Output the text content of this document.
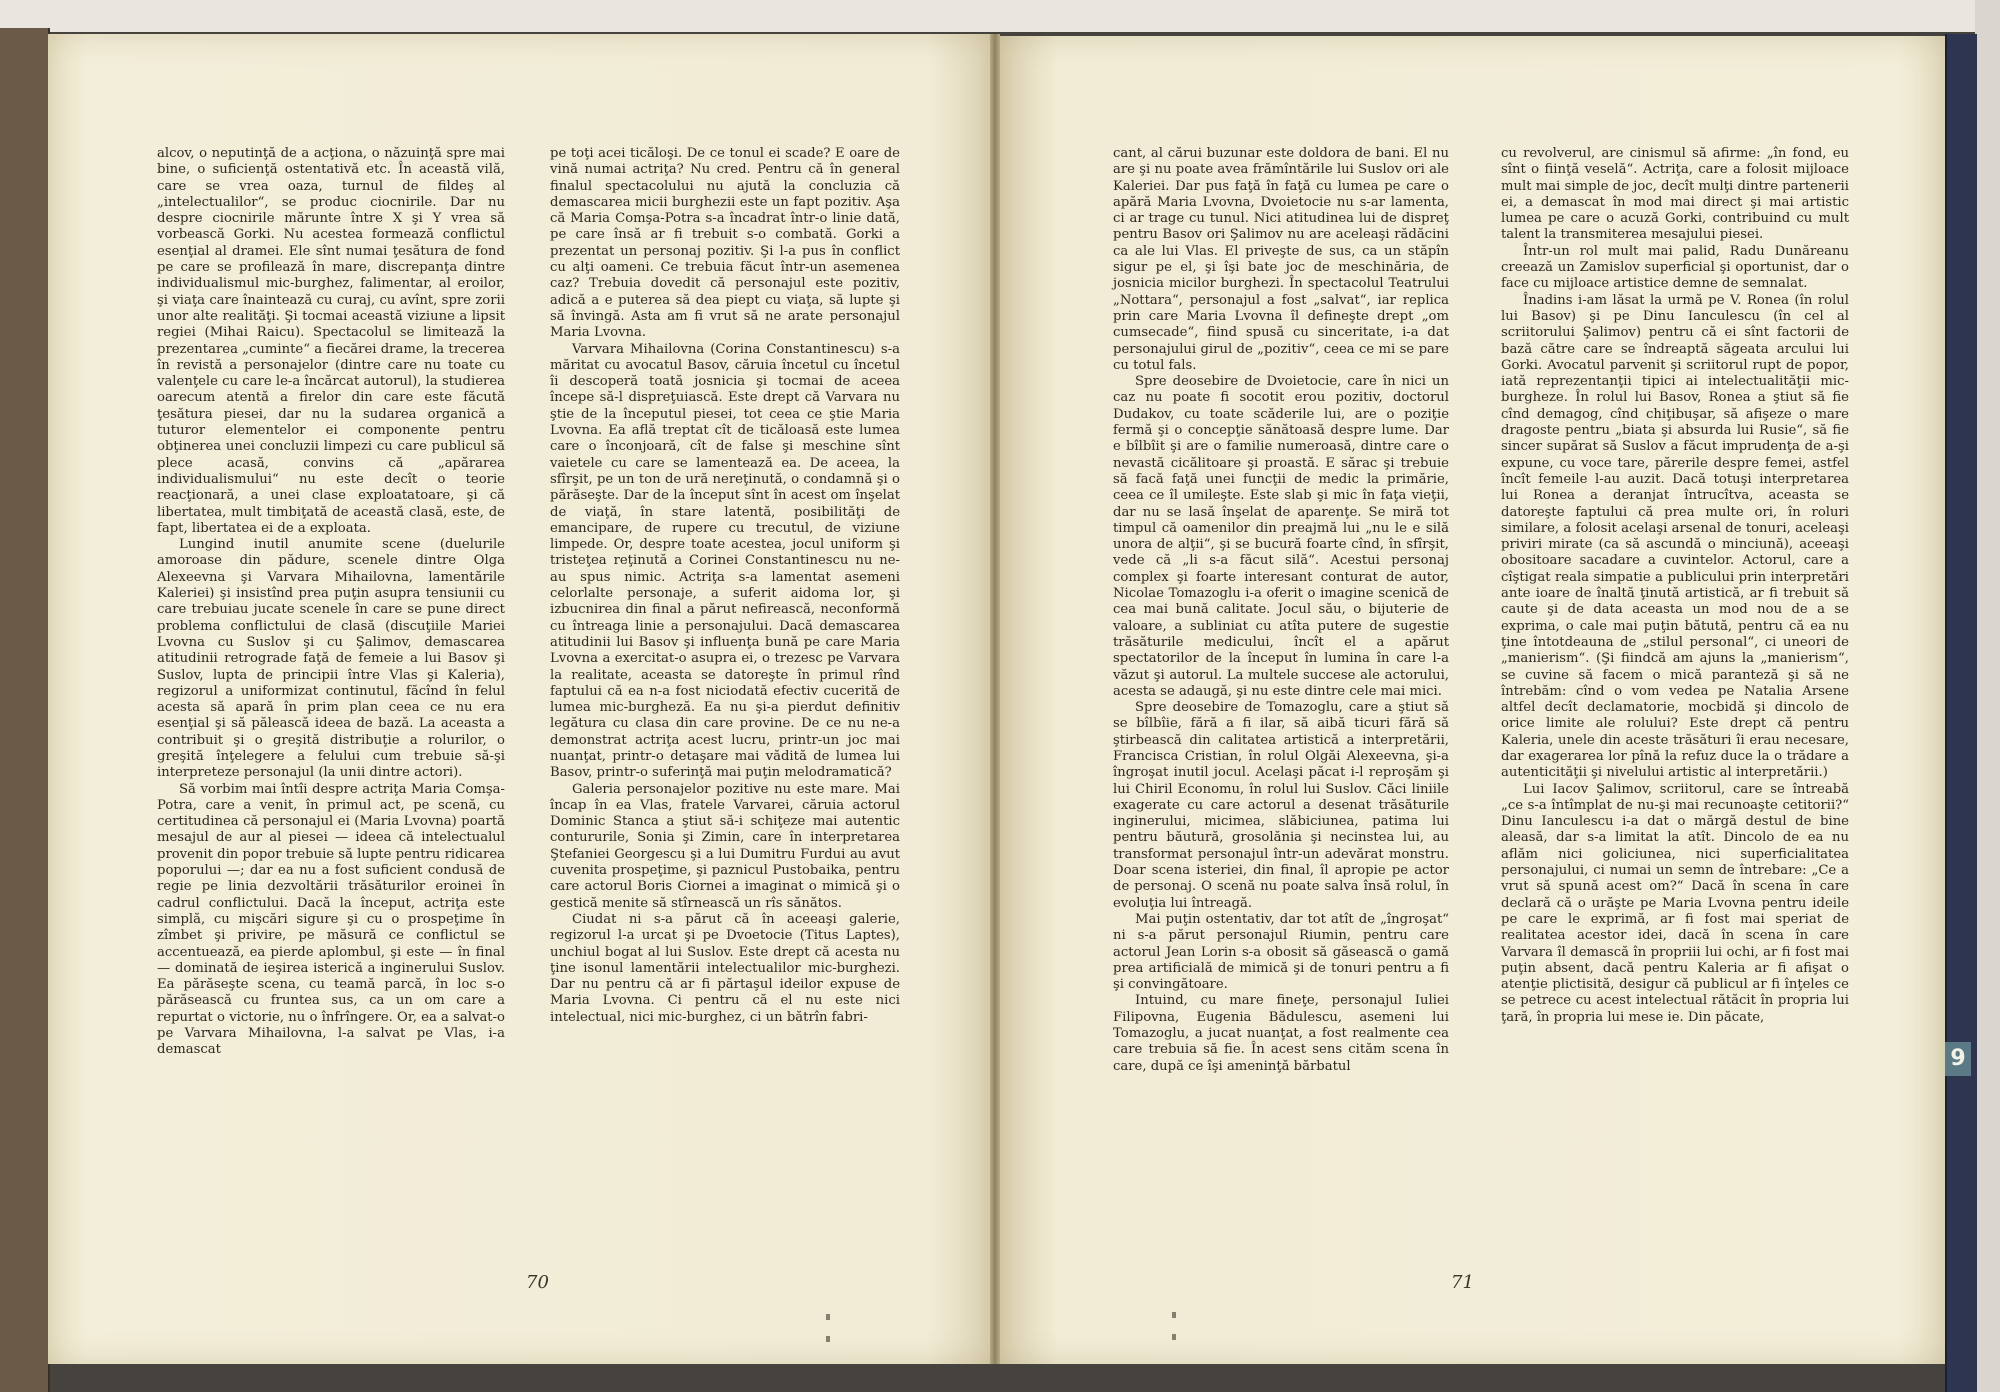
alcov, o neputinţă de a acţiona, o năzuinţă spre mai bine, o suficienţă ostentativă etc. În această vilă, care se vrea oaza, turnul de fildeş al „intelectualilor“, se produc ciocnirile. Dar nu despre ciocnirile mărunte între X şi Y vrea să vorbească Gorki. Nu acestea formează conflictul esenţial al dramei. Ele sînt numai ţesătura de fond pe care se profilează în mare, discrepanţa dintre individualismul mic-burghez, falimentar, al eroilor, şi viaţa care înaintează cu curaj, cu avînt, spre zorii unor alte realităţi. Şi tocmai această viziune a lipsit regiei (Mihai Raicu). Spectacolul se limitează la prezentarea „cuminte“ a fiecărei drame, la trecerea în revistă a personajelor (dintre care nu toate cu valenţele cu care le-a încărcat autorul), la studierea oarecum atentă a firelor din care este făcută ţesătura piesei, dar nu la sudarea organică a tuturor elementelor ei componente pentru obţinerea unei concluzii limpezi cu care publicul să plece acasă, convins că „apărarea individualismului“ nu este decît o teorie reacţionară, a unei clase exploatatoare, şi că libertatea, mult timbiţată de această clasă, este, de fapt, libertatea ei de a exploata.

Lungind inutil anumite scene (duelurile amoroase din pădure, scenele dintre Olga Alexeevna şi Varvara Mihailovna, lamentările Kaleriei) şi insistînd prea puţin asupra tensiunii cu care trebuiau jucate scenele în care se pune direct problema conflictului de clasă (discuţiile Mariei Lvovna cu Suslov şi cu Şalimov, demascarea atitudinii retrograde faţă de femeie a lui Basov şi Suslov, lupta de principii între Vlas şi Kaleria), regizorul a uniformizat continutul, făcînd în felul acesta să apară în prim plan ceea ce nu era esenţial şi să pălească ideea de bază. La aceasta a contribuit şi o greşită distribuţie a rolurilor, o greşită înţelegere a felului cum trebuie să-şi interpreteze personajul (la unii dintre actori).

Să vorbim mai întîi despre actriţa Maria Comşa-Potra, care a venit, în primul act, pe scenă, cu certitudinea că personajul ei (Maria Lvovna) poartă mesajul de aur al piesei — ideea că intelectualul provenit din popor trebuie să lupte pentru ridicarea poporului —; dar ea nu a fost suficient condusă de regie pe linia dezvoltării trăsăturilor eroinei în cadrul conflictului. Dacă la început, actriţa este simplă, cu mişcări sigure şi cu o prospeţime în zîmbet şi privire, pe măsură ce conflictul se accentuează, ea pierde aplombul, şi este — în final — dominată de ieşirea isterică a inginerului Suslov. Ea părăseşte scena, cu teamă parcă, în loc s-o părăsească cu fruntea sus, ca un om care a repurtat o victorie, nu o înfrîngere. Or, ea a salvat-o pe Varvara Mihailovna, l-a salvat pe Vlas, i-a demascat

pe toţi acei ticăloşi. De ce tonul ei scade? E oare de vină numai actriţa? Nu cred. Pentru că în general finalul spectacolului nu ajută la concluzia că demascarea micii burghezii este un fapt pozitiv. Aşa că Maria Comşa-Potra s-a încadrat într-o linie dată, pe care însă ar fi trebuit s-o combată. Gorki a prezentat un personaj pozitiv. Şi l-a pus în conflict cu alţi oameni. Ce trebuia făcut într-un asemenea caz? Trebuia dovedit că personajul este pozitiv, adică a e puterea să dea piept cu viaţa, să lupte şi să învingă. Asta am fi vrut să ne arate personajul Maria Lvovna.

Varvara Mihailovna (Corina Constantinescu) s-a măritat cu avocatul Basov, căruia încetul cu încetul îi descoperă toată josnicia şi tocmai de aceea începe să-l dispreţuiască. Este drept că Varvara nu ştie de la începutul piesei, tot ceea ce ştie Maria Lvovna. Ea află treptat cît de ticăloasă este lumea care o înconjoară, cît de false şi meschine sînt vaietele cu care se lamentează ea. De aceea, la sfîrşit, pe un ton de ură nereţinută, o condamnă şi o părăseşte. Dar de la început sînt în acest om înşelat de viaţă, în stare latentă, posibilităţi de emancipare, de rupere cu trecutul, de viziune limpede. Or, despre toate acestea, jocul uniform şi tristeţea reţinută a Corinei Constantinescu nu ne-au spus nimic. Actriţa s-a lamentat asemeni celorlalte personaje, a suferit aidoma lor, şi izbucnirea din final a părut nefirească, neconformă cu întreaga linie a personajului. Dacă demascarea atitudinii lui Basov şi influenţa bună pe care Maria Lvovna a exercitat-o asupra ei, o trezesc pe Varvara la realitate, aceasta se datoreşte în primul rînd faptului că ea n-a fost niciodată efectiv cucerită de lumea mic-burgheză. Ea nu şi-a pierdut definitiv legătura cu clasa din care provine. De ce nu ne-a demonstrat actriţa acest lucru, printr-un joc mai nuanţat, printr-o detaşare mai vădită de lumea lui Basov, printr-o suferinţă mai puţin melodramatică?

Galeria personajelor pozitive nu este mare. Mai încap în ea Vlas, fratele Varvarei, căruia actorul Dominic Stanca a ştiut să-i schiţeze mai autentic contururile, Sonia şi Zimin, care în interpretarea Ştefaniei Georgescu şi a lui Dumitru Furdui au avut cuvenita prospeţime, şi paznicul Pustobaika, pentru care actorul Boris Ciornei a imaginat o mimică şi o gestică menite să stîrnească un rîs sănătos.

Ciudat ni s-a părut că în aceeaşi galerie, regizorul l-a urcat şi pe Dvoetocie (Titus Laptes), unchiul bogat al lui Suslov. Este drept că acesta nu ţine isonul lamentării intelectualilor mic-burghezi. Dar nu pentru că ar fi părtaşul ideilor expuse de Maria Lvovna. Ci pentru că el nu este nici intelectual, nici mic-burghez, ci un bătrîn fabri-

cant, al cărui buzunar este doldora de bani. El nu are şi nu poate avea frămîntările lui Suslov ori ale Kaleriei. Dar pus faţă în faţă cu lumea pe care o apără Maria Lvovna, Dvoietocie nu s-ar lamenta, ci ar trage cu tunul. Nici atitudinea lui de dispreţ pentru Basov ori Şalimov nu are aceleaşi rădăcini ca ale lui Vlas. El priveşte de sus, ca un stăpîn sigur pe el, şi îşi bate joc de meschinăria, de josnicia micilor burghezi. În spectacolul Teatrului „Nottara“, personajul a fost „salvat“, iar replica prin care Maria Lvovna îl defineşte drept „om cumsecade“, fiind spusă cu sinceritate, i-a dat personajului girul de „pozitiv“, ceea ce mi se pare cu totul fals.

Spre deosebire de Dvoietocie, care în nici un caz nu poate fi socotit erou pozitiv, doctorul Dudakov, cu toate scăderile lui, are o poziţie fermă şi o concepţie sănătoasă despre lume. Dar e bîlbîit şi are o familie numeroasă, dintre care o nevastă cicălitoare şi proastă. E sărac şi trebuie să facă faţă unei funcţii de medic la primărie, ceea ce îl umileşte. Este slab şi mic în faţa vieţii, dar nu se lasă înşelat de aparenţe. Se miră tot timpul că oamenilor din preajmă lui „nu le e silă unora de alţii“, şi se bucură foarte cînd, în sfîrşit, vede că „li s-a făcut silă“. Acestui personaj complex şi foarte interesant conturat de autor, Nicolae Tomazoglu i-a oferit o imagine scenică de cea mai bună calitate. Jocul său, o bijuterie de valoare, a subliniat cu atîta putere de sugestie trăsăturile medicului, încît el a apărut spectatorilor de la început în lumina în care l-a văzut şi autorul. La multele succese ale actorului, acesta se adaugă, şi nu este dintre cele mai mici.

Spre deosebire de Tomazoglu, care a ştiut să se bîlbîie, fără a fi ilar, să aibă ticuri fără să ştirbească din calitatea artistică a interpretării, Francisca Cristian, în rolul Olgăi Alexeevna, şi-a îngroşat inutil jocul. Acelaşi păcat i-l reproşăm şi lui Chiril Economu, în rolul lui Suslov. Căci liniile exagerate cu care actorul a desenat trăsăturile inginerului, micimea, slăbiciunea, patima lui pentru băutură, grosolănia şi necinstea lui, au transformat personajul într-un adevărat monstru. Doar scena isteriei, din final, îl apropie pe actor de personaj. O scenă nu poate salva însă rolul, în evoluţia lui întreagă.

Mai puţin ostentativ, dar tot atît de „îngroşat“ ni s-a părut personajul Riumin, pentru care actorul Jean Lorin s-a obosit să găsească o gamă prea artificială de mimică şi de tonuri pentru a fi şi convingătoare.

Intuind, cu mare fineţe, personajul Iuliei Filipovna, Eugenia Bădulescu, asemeni lui Tomazoglu, a jucat nuanţat, a fost realmente cea care trebuia să fie. În acest sens cităm scena în care, după ce îşi ameninţă bărbatul

cu revolverul, are cinismul să afirme: „în fond, eu sînt o fiinţă veselă“. Actriţa, care a folosit mijloace mult mai simple de joc, decît mulţi dintre partenerii ei, a demascat în mod mai direct şi mai artistic lumea pe care o acuză Gorki, contribuind cu mult talent la transmiterea mesajului piesei.

Într-un rol mult mai palid, Radu Dunăreanu creează un Zamislov superficial şi oportunist, dar o face cu mijloace artistice demne de semnalat.

Înadins i-am lăsat la urmă pe V. Ronea (în rolul lui Basov) şi pe Dinu Ianculescu (în cel al scriitorului Şalimov) pentru că ei sînt factorii de bază către care se îndreaptă săgeata arcului lui Gorki. Avocatul parvenit şi scriitorul rupt de popor, iată reprezentanţii tipici ai intelectualităţii mic-burgheze. În rolul lui Basov, Ronea a ştiut să fie cînd demagog, cînd chiţibuşar, să afişeze o mare dragoste pentru „biata şi absurda lui Rusie“, să fie sincer supărat să Suslov a făcut imprudenţa de a-şi expune, cu voce tare, părerile despre femei, astfel încît femeile l-au auzit. Dacă totuşi interpretarea lui Ronea a deranjat întrucîtva, aceasta se datoreşte faptului că prea multe ori, în roluri similare, a folosit acelaşi arsenal de tonuri, aceleaşi priviri mirate (ca să ascundă o minciună), aceeaşi obositoare sacadare a cuvintelor. Actorul, care a cîştigat reala simpatie a publicului prin interpretări ante ioare de înaltă ţinută artistică, ar fi trebuit să caute şi de data aceasta un mod nou de a se exprima, o cale mai puţin bătută, pentru că ea nu ţine întotdeauna de „stilul personal“, ci uneori de „manierism“. (Şi fiindcă am ajuns la „manierism“, se cuvine să facem o mică paranteză şi să ne întrebăm: cînd o vom vedea pe Natalia Arsene altfel decît declamatorie, mocbidă şi dincolo de orice limite ale rolului? Este drept că pentru Kaleria, unele din aceste trăsături îi erau necesare, dar exagerarea lor pînă la refuz duce la o trădare a autenticităţii şi nivelului artistic al interpretării.)

Lui Iacov Şalimov, scriitorul, care se întreabă „ce s-a întîmplat de nu-şi mai recunoaşte cetitorii?“ Dinu Ianculescu i-a dat o mărgă destul de bine aleasă, dar s-a limitat la atît. Dincolo de ea nu aflăm nici goliciunea, nici superficialitatea personajului, ci numai un semn de întrebare: „Ce a vrut să spună acest om?“ Dacă în scena în care declară că o urăşte pe Maria Lvovna pentru ideile pe care le exprimă, ar fi fost mai speriat de realitatea acestor idei, dacă în scena în care Varvara îl demască în propriii lui ochi, ar fi fost mai puţin absent, dacă pentru Kaleria ar fi afişat o atenţie plictisită, desigur că publicul ar fi înţeles ce se petrece cu acest intelectual rătăcit în propria lui ţară, în propria lui mese ie. Din păcate,

70	71
9
